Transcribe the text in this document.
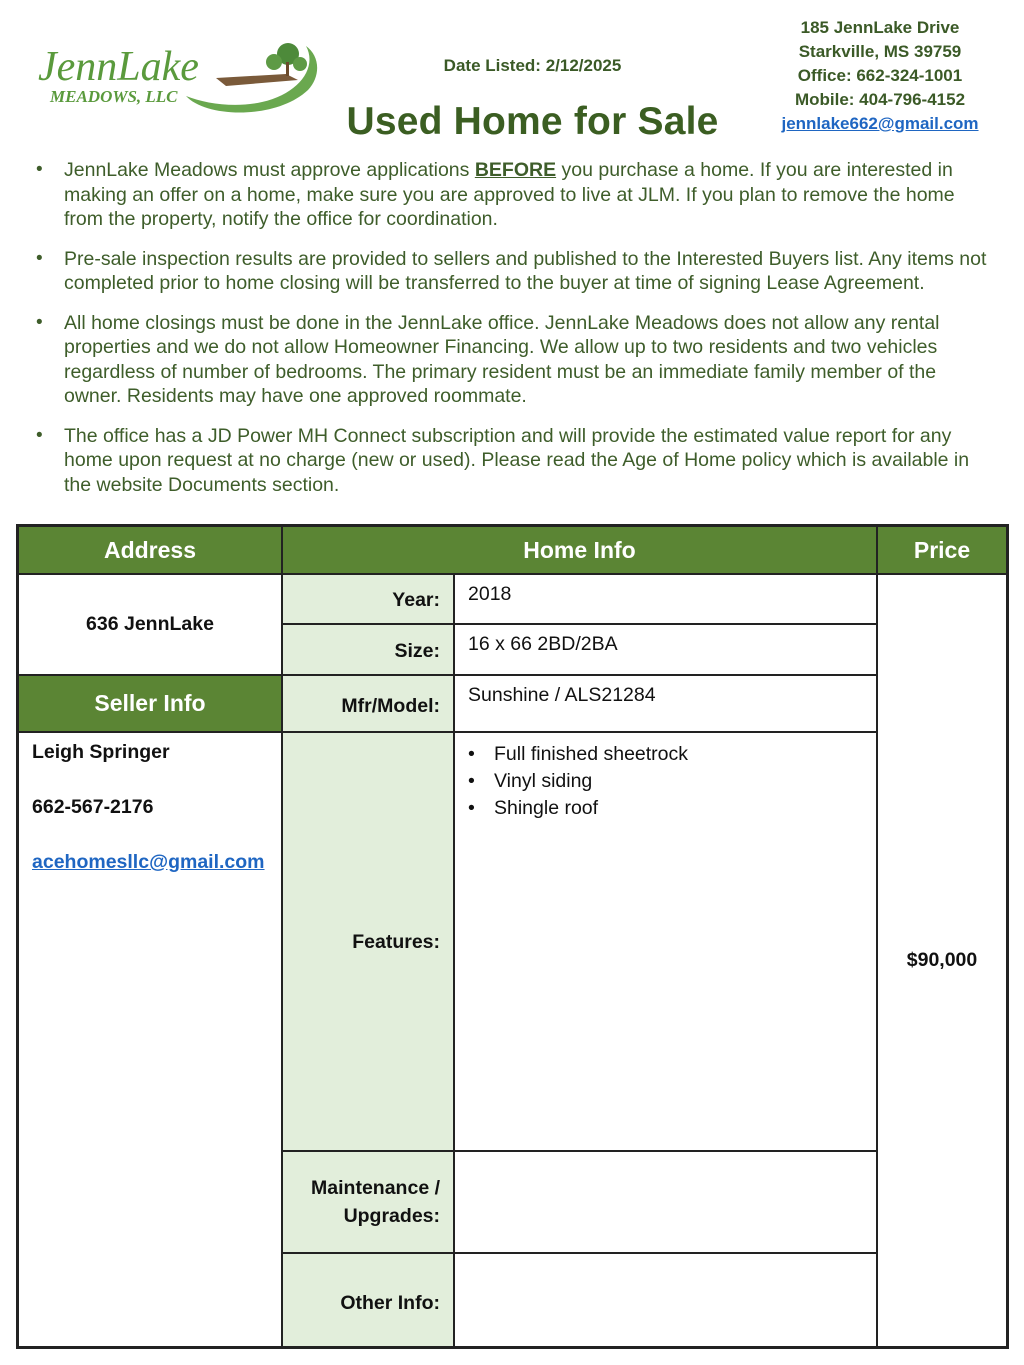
JennLake
MEADOWS, LLC
Date Listed: 2/12/2025
Used Home for Sale
185 JennLake Drive
Starkville, MS 39759
Office: 662-324-1001
Mobile: 404-796-4152
jennlake662@gmail.com
• JennLake Meadows must approve applications BEFORE you purchase a home. If you are interested in making an offer on a home, make sure you are approved to live at JLM. If you plan to remove the home from the property, notify the office for coordination.
• Pre-sale inspection results are provided to sellers and published to the Interested Buyers list. Any items not completed prior to home closing will be transferred to the buyer at time of signing Lease Agreement.
• All home closings must be done in the JennLake office. JennLake Meadows does not allow any rental properties and we do not allow Homeowner Financing. We allow up to two residents and two vehicles regardless of number of bedrooms. The primary resident must be an immediate family member of the owner. Residents may have one approved roommate.
• The office has a JD Power MH Connect subscription and will provide the estimated value report for any home upon request at no charge (new or used). Please read the Age of Home policy which is available in the website Documents section.
Address	Home Info	Price
636 JennLake
Seller Info
Leigh Springer
662-567-2176
acehomesllc@gmail.com
Year:	2018
Size:	16 x 66 2BD/2BA
Mfr/Model:	Sunshine / ALS21284
Features:
• Full finished sheetrock
• Vinyl siding
• Shingle roof
Maintenance / Upgrades:
Other Info:
$90,000
